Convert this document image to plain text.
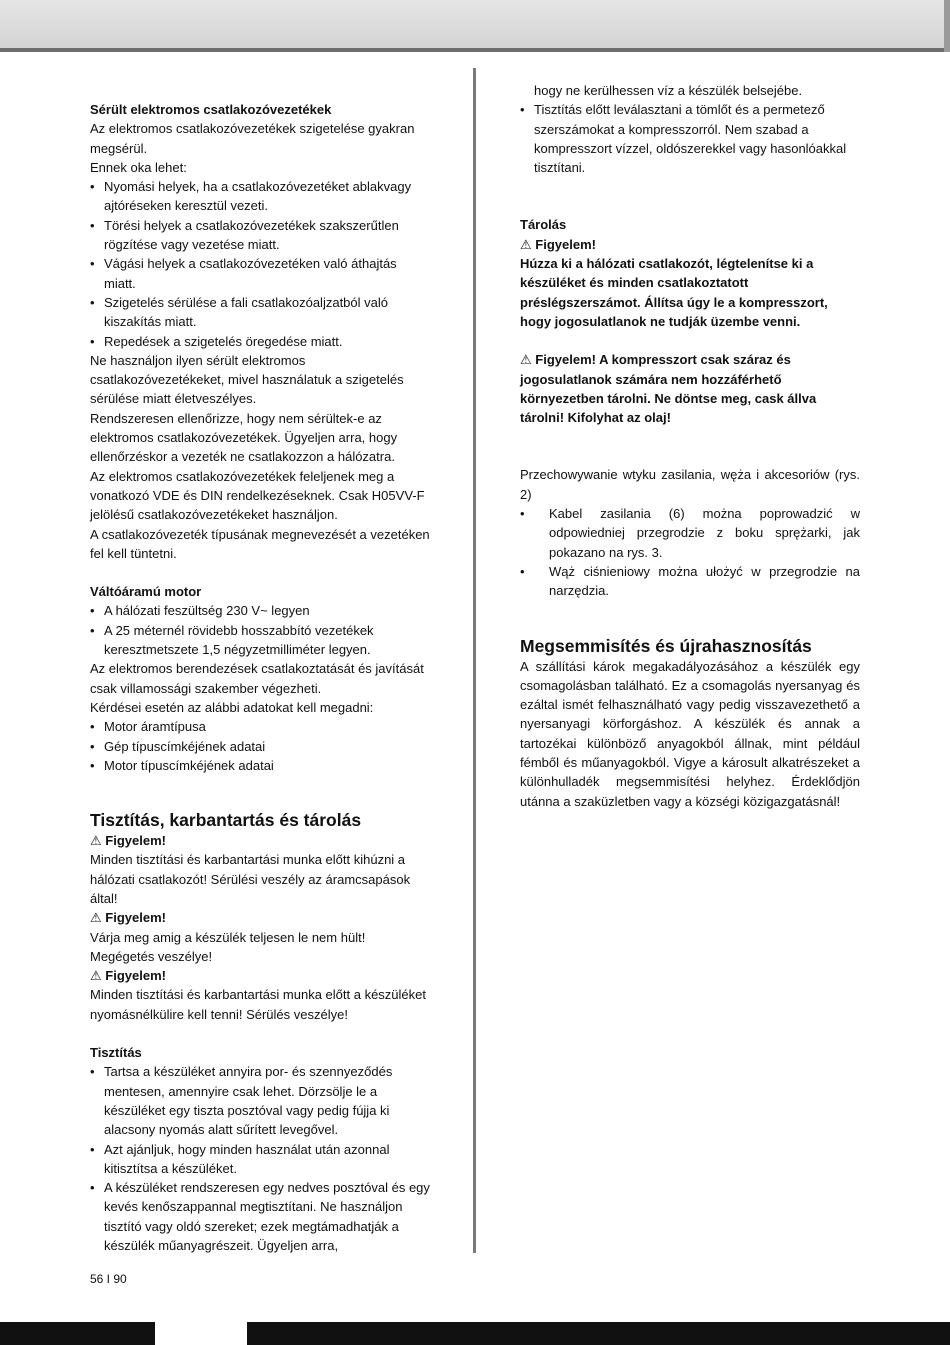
Sérült elektromos csatlakozóvezetékek

Az elektromos csatlakozóvezetékek szigetelése gyakran megsérül.

Ennek oka lehet:

• Nyomási helyek, ha a csatlakozóvezetéket ablakvagy ajtóréseken keresztül vezeti.
• Törési helyek a csatlakozóvezetékek szakszerűtlen rögzítése vagy vezetése miatt.
• Vágási helyek a csatlakozóvezetéken való áthajtás miatt.
• Szigetelés sérülése a fali csatlakozóaljzatból való kiszakítás miatt.
• Repedések a szigetelés öregedése miatt.

Ne használjon ilyen sérült elektromos csatlakozóvezetékeket, mivel használatuk a szigetelés sérülése miatt életveszélyes.

Rendszeresen ellenőrizze, hogy nem sérültek-e az elektromos csatlakozóvezetékek. Ügyeljen arra, hogy ellenőrzéskor a vezeték ne csatlakozzon a hálózatra.

Az elektromos csatlakozóvezetékek feleljenek meg a vonatkozó VDE és DIN rendelkezéseknek. Csak H05VV-F jelölésű csatlakozóvezetékeket használjon.

A csatlakozóvezeték típusának megnevezését a vezetéken fel kell tüntetni.

Váltóáramú motor

• A hálózati feszültség 230 V~ legyen
• A 25 méternél rövidebb hosszabbító vezetékek keresztmetszete 1,5 négyzetmilliméter legyen.

Az elektromos berendezések csatlakoztatását és javítását csak villamossági szakember végezheti.

Kérdései esetén az alábbi adatokat kell megadni:

• Motor áramtípusa
• Gép típuscímkéjének adatai
• Motor típuscímkéjének adatai
Tisztítás, karbantartás és tárolás

⚠ Figyelem!

Minden tisztítási és karbantartási munka előtt kihúzni a hálózati csatlakozót! Sérülési veszély az áramcsapások által!

⚠ Figyelem!

Várja meg amig a készülék teljesen le nem hült! Megégetés veszélye!

⚠ Figyelem!

Minden tisztítási és karbantartási munka előtt a készüléket nyomásnélkülire kell tenni! Sérülés veszélye!

Tisztítás

• Tartsa a készüléket annyira por- és szennyeződés mentesen, amennyire csak lehet. Dörzsölje le a készüléket egy tiszta posztóval vagy pedig fújja ki alacsony nyomás alatt sűrített levegővel.
• Azt ajánljuk, hogy minden használat után azonnal kitisztítsa a készüléket.
• A készüléket rendszeresen egy nedves posztóval és egy kevés kenőszappannal megtisztítani. Ne használjon tisztító vagy oldó szereket; ezek megtámadhatják a készülék műanyagrészeit. Ügyeljen arra,

hogy ne kerülhessen víz a készülék belsejébe.

• Tisztítás előtt leválasztani a tömlőt és a permetező szerszámokat a kompresszorról. Nem szabad a kompresszort vízzel, oldószerekkel vagy hasonlóakkal tisztítani.

Tárolás

⚠ Figyelem!

Húzza ki a hálózati csatlakozót, légtelenítse ki a készüléket és minden csatlakoztatott préslégszerszámot. Állítsa úgy le a kompresszort, hogy jogosulatlanok ne tudják üzembe venni.

⚠ Figyelem! A kompresszort csak száraz és jogosulatlanok számára nem hozzáférhető környezetben tárolni. Ne döntse meg, cask állva tárolni! Kifolyhat az olaj!

Przechowywanie wtyku zasilania, węża i akcesoriów (rys. 2)

• Kabel zasilania (6) można poprowadzić w odpowiedniej przegrodzie z boku sprężarki, jak pokazano na rys. 3.
• Wąż ciśnieniowy można ułożyć w przegrodzie na narzędzia.
Megsemmisítés és újrahasznosítás

A szállítási károk megakadályozásához a készülék egy csomagolásban található. Ez a csomagolás nyersanyag és ezáltal ismét felhasználható vagy pedig visszavezethető a nyersanyagi körforgáshoz. A készülék és annak a tartozékai különböző anyagokból állnak, mint például fémből és műanyagokból. Vigye a károsult alkatrészeket a különhulladék megsemmisítési helyhez. Érdeklődjön utánna a szaküzletben vagy a községi közigazgatásnál!

56 I 90
